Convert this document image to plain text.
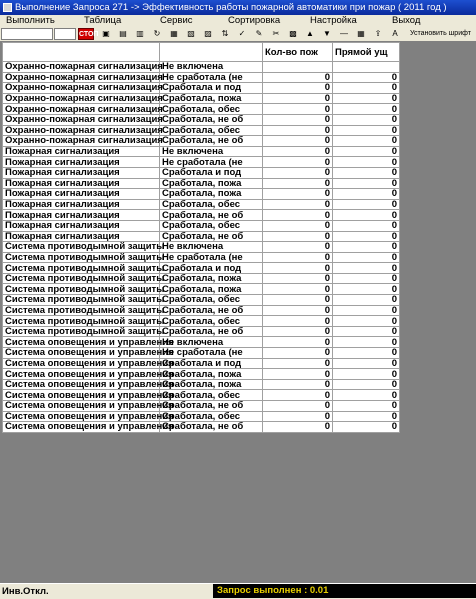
Выполнение Запроса 271 -> Эффективность работы пожарной автоматики при пожар ( 2011 год )
Выполнить	Таблица	Сервис	Сортировка	Настройка	Выход
СТОП ▣	▤	▥	↻	▦	▧	▨	⇅	✓	✎	✂	▩	▲	▼	—	▦	⇪	A	Установить шрифт
		Кол-во пож	Прямой ущ
Охранно-пожарная сигнализация	Не включена		
Охранно-пожарная сигнализация	Не сработала (не	0	0
Охранно-пожарная сигнализация	Сработала и под	0	0
Охранно-пожарная сигнализация	Сработала, пожа	0	0
Охранно-пожарная сигнализация	Сработала, обес	0	0
Охранно-пожарная сигнализация	Сработала, не об	0	0
Охранно-пожарная сигнализация	Сработала, обес	0	0
Охранно-пожарная сигнализация	Сработала, не об	0	0
Пожарная сигнализация	Не включена	0	0
Пожарная сигнализация	Не сработала (не	0	0
Пожарная сигнализация	Сработала и под	0	0
Пожарная сигнализация	Сработала, пожа	0	0
Пожарная сигнализация	Сработала, пожа	0	0
Пожарная сигнализация	Сработала, обес	0	0
Пожарная сигнализация	Сработала, не об	0	0
Пожарная сигнализация	Сработала, обес	0	0
Пожарная сигнализация	Сработала, не об	0	0
Система противодымной защиты	Не включена	0	0
Система противодымной защиты	Не сработала (не	0	0
Система противодымной защиты	Сработала и под	0	0
Система противодымной защиты	Сработала, пожа	0	0
Система противодымной защиты	Сработала, пожа	0	0
Система противодымной защиты	Сработала, обес	0	0
Система противодымной защиты	Сработала, не об	0	0
Система противодымной защиты	Сработала, обес	0	0
Система противодымной защиты	Сработала, не об	0	0
Система оповещения и управления	Не включена	0	0
Система оповещения и управления	Не сработала (не	0	0
Система оповещения и управления	Сработала и под	0	0
Система оповещения и управления	Сработала, пожа	0	0
Система оповещения и управления	Сработала, пожа	0	0
Система оповещения и управления	Сработала, обес	0	0
Система оповещения и управления	Сработала, не об	0	0
Система оповещения и управления	Сработала, обес	0	0
Система оповещения и управления	Сработала, не об	0	0
Инв.Откл.	Запрос выполнен : 0.01
